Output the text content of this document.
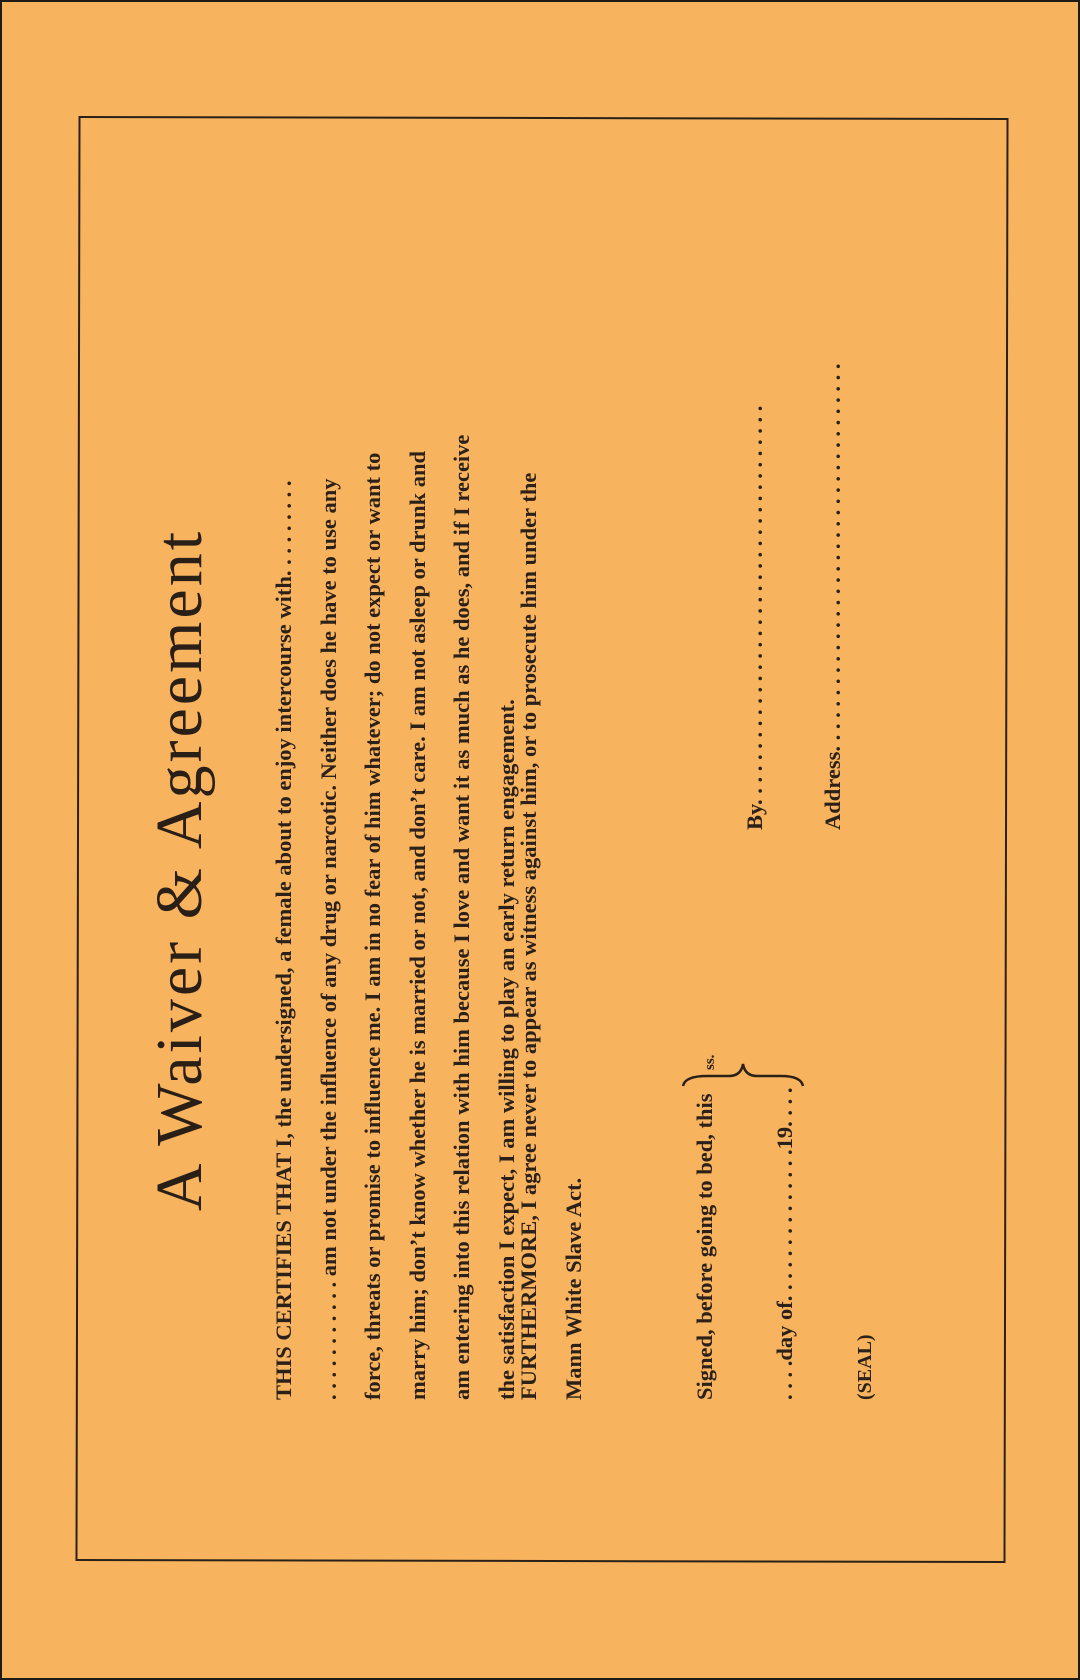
A Waiver & Agreement	THIS CERTIFIES THAT I, the undersigned, a female about to enjoy intercourse with. . . . . . . . . . . . . . . . . . . . am not under the influence of any drug or narcotic. Neither does he have to use any force, threats or promise to influence me. I am in no fear of him whatever; do not expect or want to marry him; don’t know whether he is married or not, and don’t care. I am not asleep or drunk and am entering into this relation with him because I love and want it as much as he does, and if I receive the satisfaction I expect, I am willing to play an early return engagement.
FURTHERMORE, I agree never to appear as witness against him, or to prosecute him under the Mann White Slave Act.	Signed, before going to bed, this . . . .day of. . . . . . . . . . . . . .19. . . .
ss.
By. . . . . . . . . . . . . . . . . . . . . . . . . . . . . . . . . . . .
(SEAL)
Address. . . . . . . . . . . . . . . . . . . . . . . . . . . . . . . . . . .
